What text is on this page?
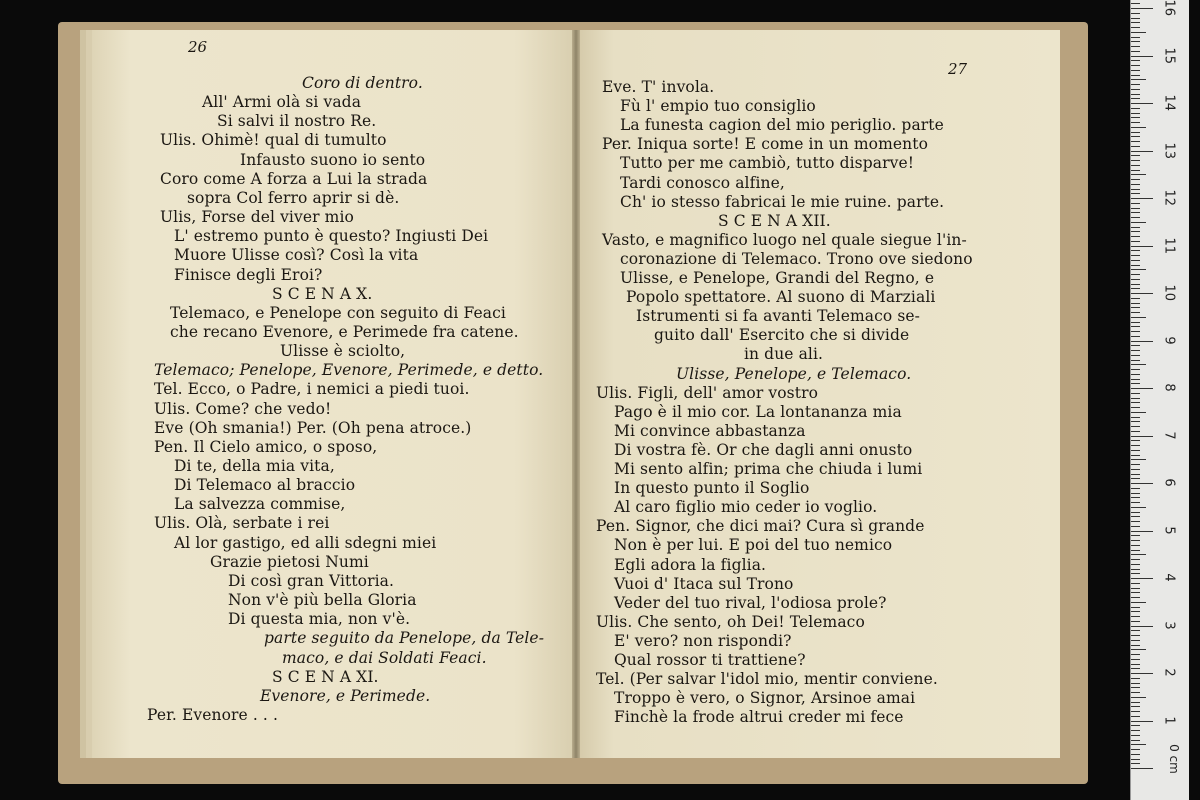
26
Coro di dentro.
All' Armi olà si vada
Si salvi il nostro Re.
Ulis. Ohimè! qual di tumulto
Infausto suono io sento
Coro come A forza a Lui la strada
sopra Col ferro aprir si dè.
Ulis, Forse del viver mio
L' estremo punto è questo? Ingiusti Dei
Muore Ulisse così? Così la vita
Finisce degli Eroi?
S C E N A X.
Telemaco, e Penelope con seguito di Feaci
che recano Evenore, e Perimede fra catene.
Ulisse è sciolto,
Telemaco; Penelope, Evenore, Perimede, e detto.
Tel. Ecco, o Padre, i nemici a piedi tuoi.
Ulis. Come? che vedo!
Eve (Oh smania!) Per. (Oh pena atroce.)
Pen. Il Cielo amico, o sposo,
Di te, della mia vita,
Di Telemaco al braccio
La salvezza commise,
Ulis. Olà, serbate i rei
Al lor gastigo, ed alli sdegni miei
Grazie pietosi Numi
Di così gran Vittoria.
Non v'è più bella Gloria
Di questa mia, non v'è.
parte seguito da Penelope, da Tele-
maco, e dai Soldati Feaci.
S C E N A XI.
Evenore, e Perimede.
Per. Evenore . . .
27
Eve. T' invola.
Fù l' empio tuo consiglio
La funesta cagion del mio periglio. parte
Per. Iniqua sorte! E come in un momento
Tutto per me cambiò, tutto disparve!
Tardi conosco alfine,
Ch' io stesso fabricai le mie ruine. parte.
S C E N A XII.
Vasto, e magnifico luogo nel quale siegue l'in-
coronazione di Telemaco. Trono ove siedono
Ulisse, e Penelope, Grandi del Regno, e
Popolo spettatore. Al suono di Marziali
Istrumenti si fa avanti Telemaco se-
guito dall' Esercito che si divide
in due ali.
Ulisse, Penelope, e Telemaco.
Ulis. Figli, dell' amor vostro
Pago è il mio cor. La lontananza mia
Mi convince abbastanza
Di vostra fè. Or che dagli anni onusto
Mi sento alfin; prima che chiuda i lumi
In questo punto il Soglio
Al caro figlio mio ceder io voglio.
Pen. Signor, che dici mai? Cura sì grande
Non è per lui. E poi del tuo nemico
Egli adora la figlia.
Vuoi d' Itaca sul Trono
Veder del tuo rival, l'odiosa prole?
Ulis. Che sento, oh Dei! Telemaco
E' vero? non rispondi?
Qual rossor ti trattiene?
Tel. (Per salvar l'idol mio, mentir conviene.
Troppo è vero, o Signor, Arsinoe amai
Finchè la frode altrui creder mi fece	1
2
3
4
5
6
7
8
9
10
11
12
13
14
15
16
0 cm
